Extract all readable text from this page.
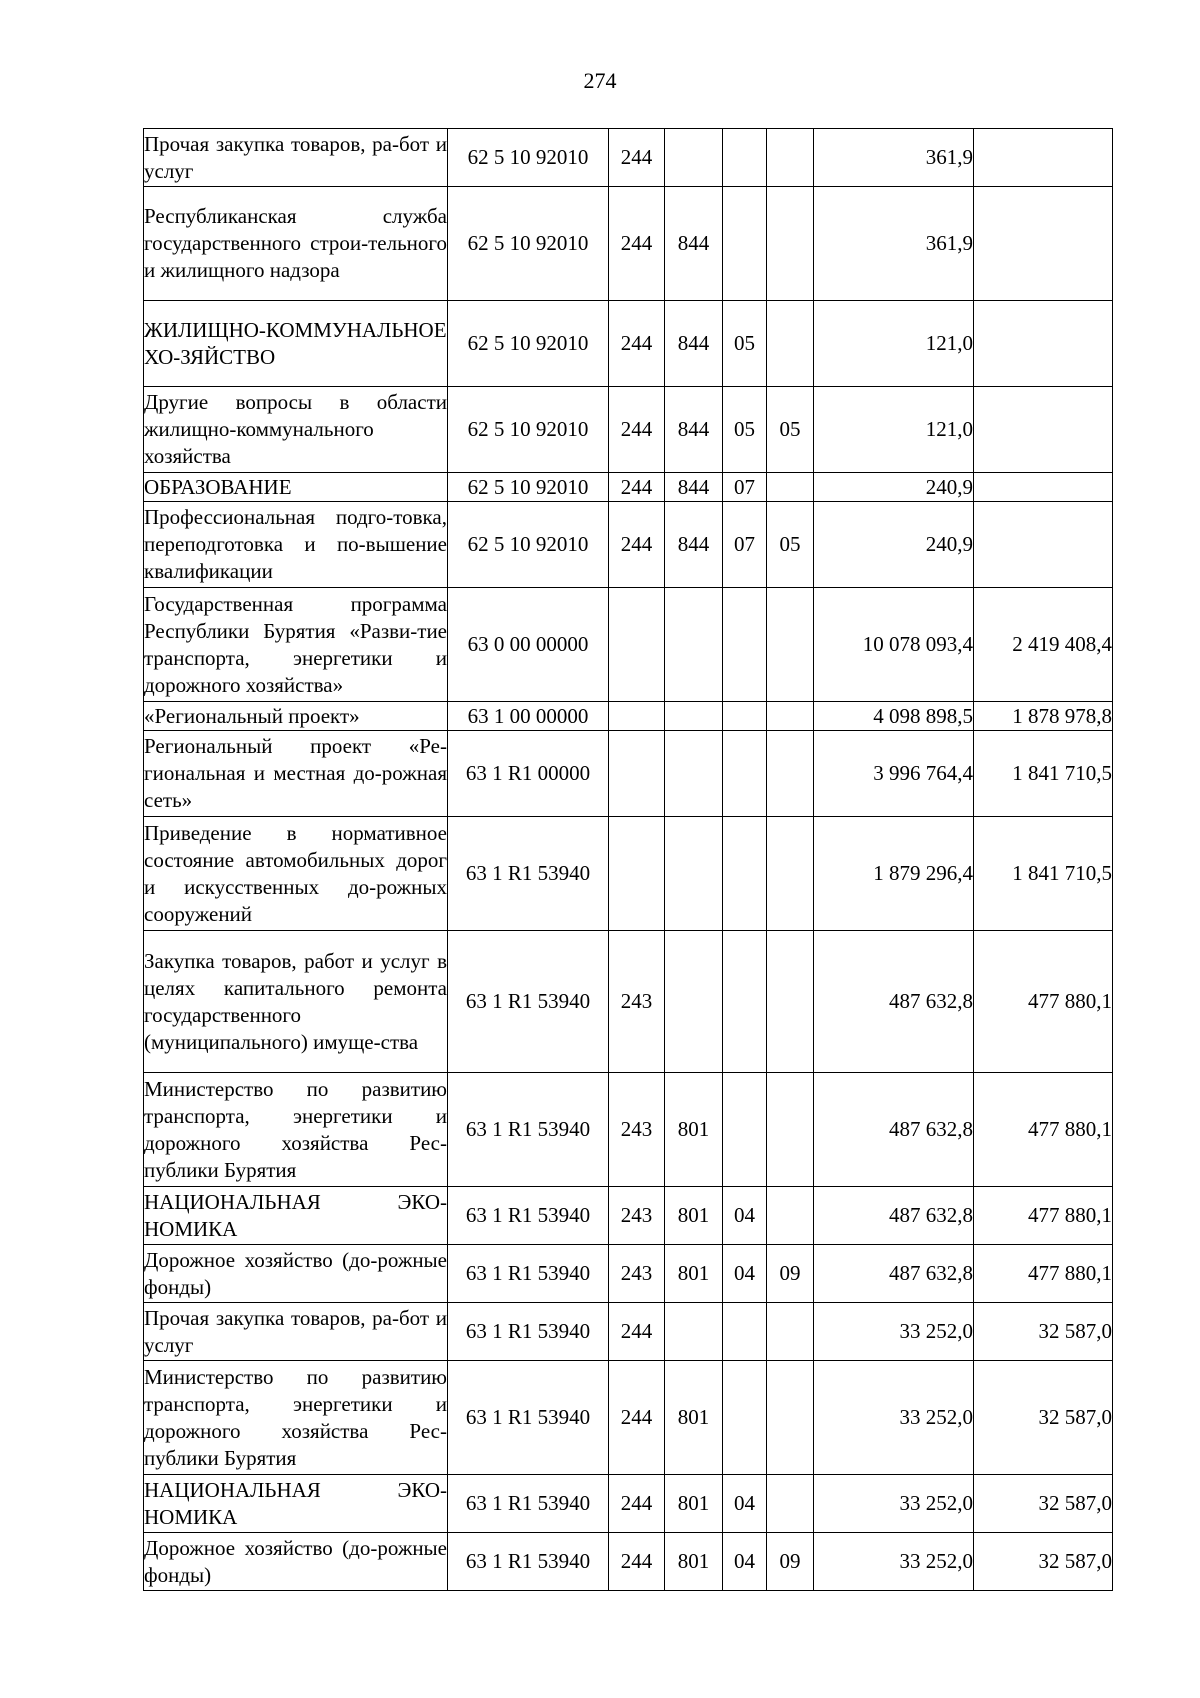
274
Прочая закупка товаров, ра-бот и услуг	62 5 10 92010	244				361,9	
Республиканская служба государственного строи-тельного и жилищного надзора	62 5 10 92010	244	844			361,9	
ЖИЛИЩНО-КОММУНАЛЬНОЕ ХО-ЗЯЙСТВО	62 5 10 92010	244	844	05		121,0	
Другие вопросы в области жилищно-коммунального хозяйства	62 5 10 92010	244	844	05	05	121,0	
ОБРАЗОВАНИЕ	62 5 10 92010	244	844	07		240,9	
Профессиональная подго-товка, переподготовка и по-вышение квалификации	62 5 10 92010	244	844	07	05	240,9	
Государственная программа Республики Бурятия «Разви-тие транспорта, энергетики и дорожного хозяйства»	63 0 00 00000					10 078 093,4	2 419 408,4
«Региональный проект»	63 1 00 00000					4 098 898,5	1 878 978,8
Региональный проект «Ре-гиональная и местная до-рожная сеть»	63 1 R1 00000					3 996 764,4	1 841 710,5
Приведение в нормативное состояние автомобильных дорог и искусственных до-рожных сооружений	63 1 R1 53940					1 879 296,4	1 841 710,5
Закупка товаров, работ и услуг в целях капитального ремонта государственного (муниципального) имуще-ства	63 1 R1 53940	243				487 632,8	477 880,1
Министерство по развитию транспорта, энергетики и дорожного хозяйства Рес-публики Бурятия	63 1 R1 53940	243	801			487 632,8	477 880,1
НАЦИОНАЛЬНАЯ ЭКО-НОМИКА	63 1 R1 53940	243	801	04		487 632,8	477 880,1
Дорожное хозяйство (до-рожные фонды)	63 1 R1 53940	243	801	04	09	487 632,8	477 880,1
Прочая закупка товаров, ра-бот и услуг	63 1 R1 53940	244				33 252,0	32 587,0
Министерство по развитию транспорта, энергетики и дорожного хозяйства Рес-публики Бурятия	63 1 R1 53940	244	801			33 252,0	32 587,0
НАЦИОНАЛЬНАЯ ЭКО-НОМИКА	63 1 R1 53940	244	801	04		33 252,0	32 587,0
Дорожное хозяйство (до-рожные фонды)	63 1 R1 53940	244	801	04	09	33 252,0	32 587,0
